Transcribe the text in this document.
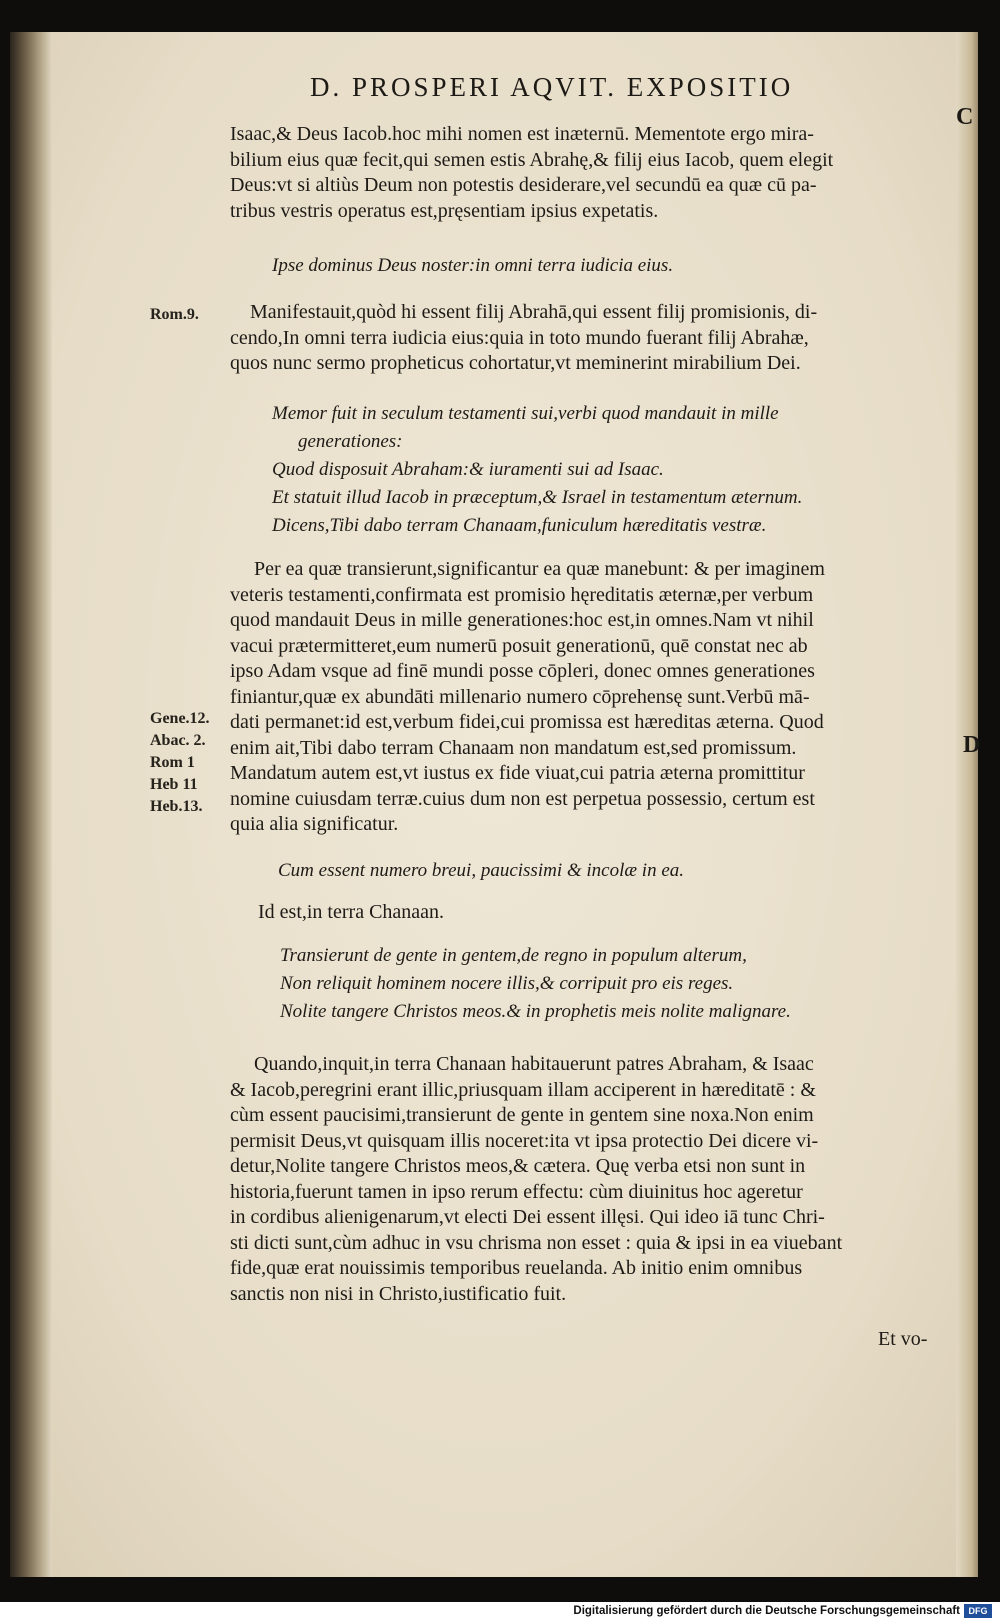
D. PROSPERI AQVIT. EXPOSITIO
C
D
Isaac,& Deus Iacob.hoc mihi nomen est inæternū. Mementote ergo mira-
bilium eius quæ fecit,qui semen estis Abrahę,& filij eius Iacob, quem elegit
Deus:vt si altiùs Deum non potestis desiderare,vel secundū ea quæ cū pa-
tribus vestris operatus est,pręsentiam ipsius expetatis.
Ipse dominus Deus noster:in omni terra iudicia eius.
Rom.9.	Manifestauit,quòd hi essent filij Abrahā,qui essent filij promisionis, di-
cendo,In omni terra iudicia eius:quia in toto mundo fuerant filij Abrahæ,
quos nunc sermo propheticus cohortatur,vt meminerint mirabilium Dei.
Memor fuit in seculum testamenti sui,verbi quod mandauit in mille
generationes:
Quod disposuit Abraham:& iuramenti sui ad Isaac.
Et statuit illud Iacob in præceptum,& Israel in testamentum æternum.
Dicens,Tibi dabo terram Chanaam,funiculum hæreditatis vestræ.
Per ea quæ transierunt,significantur ea quæ manebunt: & per imaginem
veteris testamenti,confirmata est promisio hęreditatis æternæ,per verbum
quod mandauit Deus in mille generationes:hoc est,in omnes.Nam vt nihil
vacui prætermitteret,eum numerū posuit generationū, quē constat nec ab
ipso Adam vsque ad finē mundi posse cōpleri, donec omnes generationes
finiantur,quæ ex abundāti millenario numero cōprehensę sunt.Verbū mā-
dati permanet:id est,verbum fidei,cui promissa est hæreditas æterna. Quod
enim ait,Tibi dabo terram Chanaam non mandatum est,sed promissum.
Mandatum autem est,vt iustus ex fide viuat,cui patria æterna promittitur
nomine cuiusdam terræ.cuius dum non est perpetua possessio, certum est
quia alia significatur.
Gene.12.
Abac. 2.
Rom 1
Heb 11
Heb.13.
Cum essent numero breui, paucissimi & incolæ in ea.
Id est,in terra Chanaan.
Transierunt de gente in gentem,de regno in populum alterum,
Non reliquit hominem nocere illis,& corripuit pro eis reges.
Nolite tangere Christos meos.& in prophetis meis nolite malignare.
Quando,inquit,in terra Chanaan habitauerunt patres Abraham, & Isaac
& Iacob,peregrini erant illic,priusquam illam acciperent in hæreditatē : &
cùm essent paucisimi,transierunt de gente in gentem sine noxa.Non enim
permisit Deus,vt quisquam illis noceret:ita vt ipsa protectio Dei dicere vi-
detur,Nolite tangere Christos meos,& cætera. Quę verba etsi non sunt in
historia,fuerunt tamen in ipso rerum effectu: cùm diuinitus hoc ageretur
in cordibus alienigenarum,vt electi Dei essent illęsi. Qui ideo iā tunc Chri-
sti dicti sunt,cùm adhuc in vsu chrisma non esset : quia & ipsi in ea viuebant
fide,quæ erat nouissimis temporibus reuelanda. Ab initio enim omnibus
sanctis non nisi in Christo,iustificatio fuit.
Et vo-
Digitalisierung gefördert durch die Deutsche Forschungsgemeinschaft DFG
